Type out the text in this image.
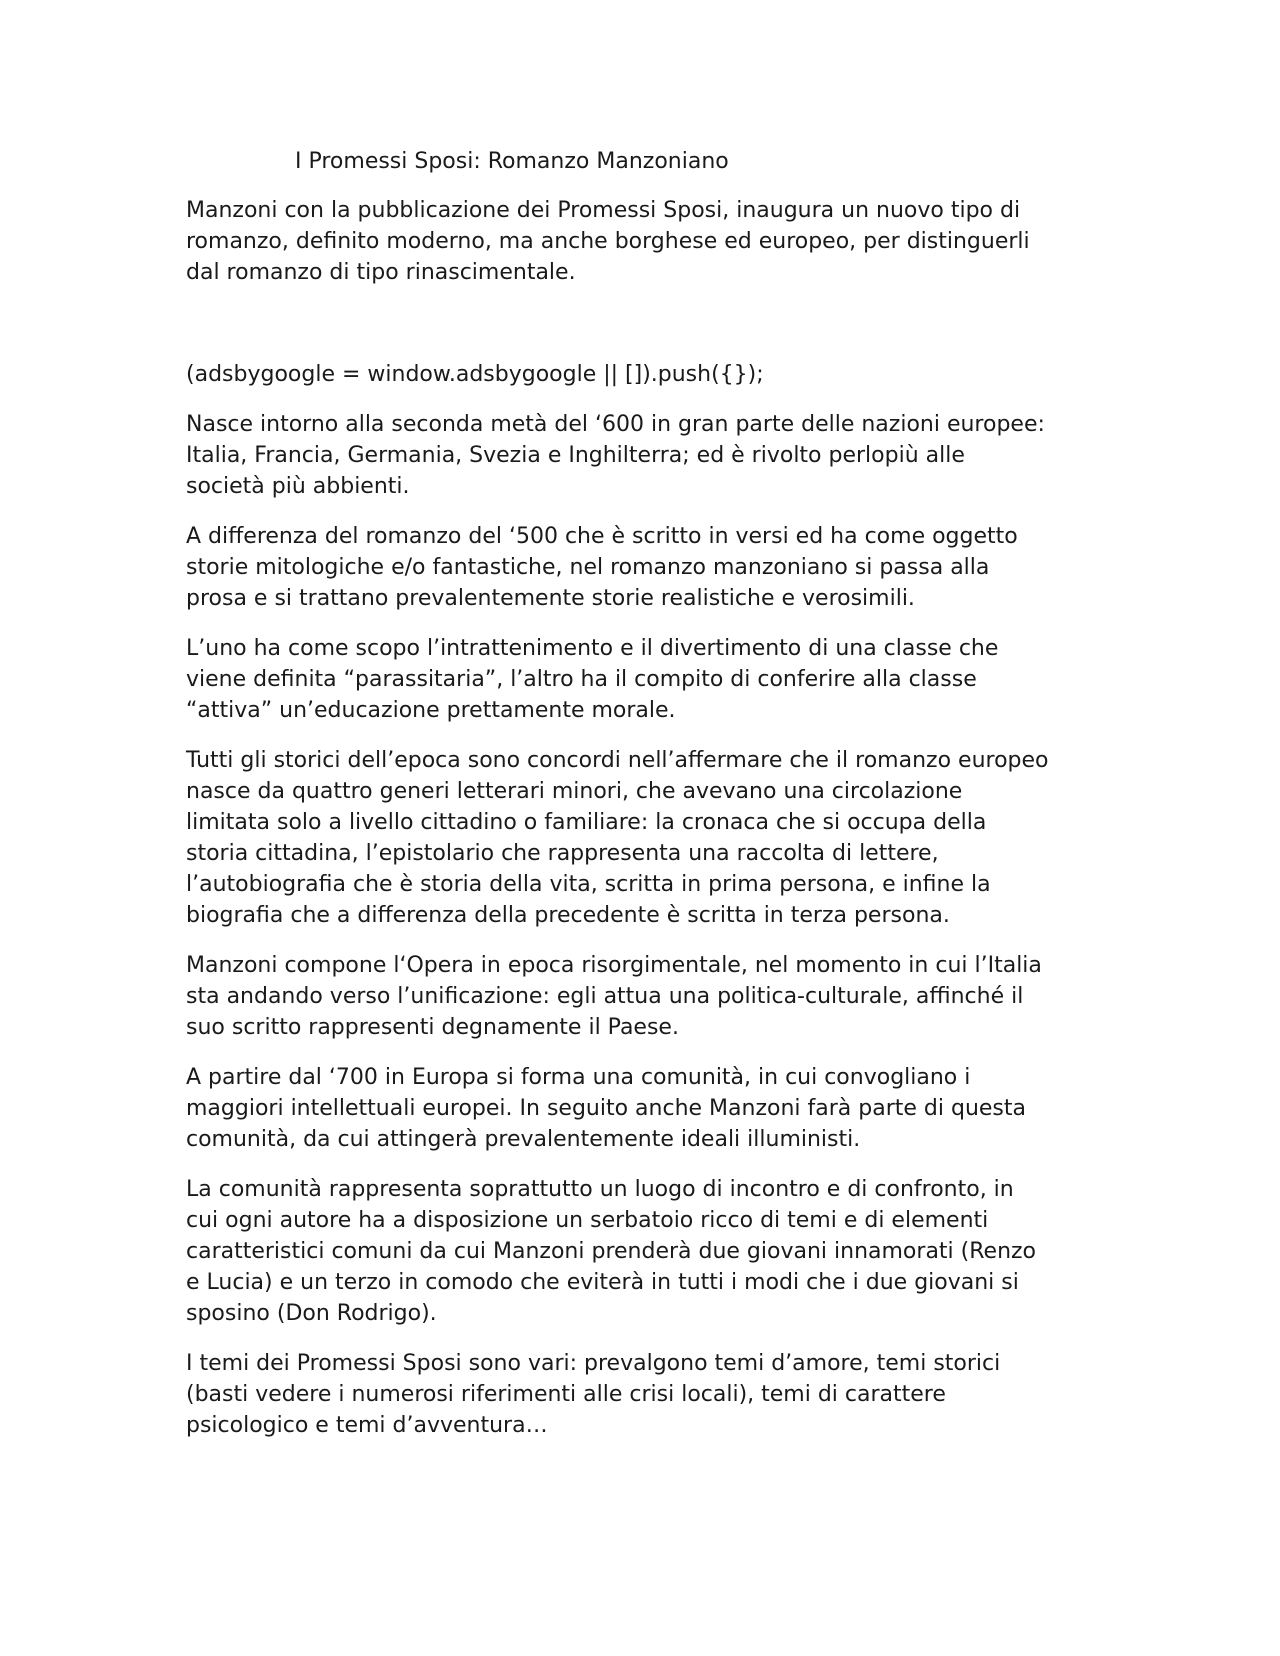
I Promessi Sposi: Romanzo Manzoniano

Manzoni con la pubblicazione dei Promessi Sposi, inaugura un nuovo tipo di
romanzo, definito moderno, ma anche borghese ed europeo, per distinguerli
dal romanzo di tipo rinascimentale.

(adsbygoogle = window.adsbygoogle || []).push({});

Nasce intorno alla seconda metà del ‘600 in gran parte delle nazioni europee:
Italia, Francia, Germania, Svezia e Inghilterra; ed è rivolto perlopiù alle
società più abbienti.

A differenza del romanzo del ‘500 che è scritto in versi ed ha come oggetto
storie mitologiche e/o fantastiche, nel romanzo manzoniano si passa alla
prosa e si trattano prevalentemente storie realistiche e verosimili.

L’uno ha come scopo l’intrattenimento e il divertimento di una classe che
viene definita “parassitaria”, l’altro ha il compito di conferire alla classe
“attiva” un’educazione prettamente morale.

Tutti gli storici dell’epoca sono concordi nell’affermare che il romanzo europeo
nasce da quattro generi letterari minori, che avevano una circolazione
limitata solo a livello cittadino o familiare: la cronaca che si occupa della
storia cittadina, l’epistolario che rappresenta una raccolta di lettere,
l’autobiografia che è storia della vita, scritta in prima persona, e infine la
biografia che a differenza della precedente è scritta in terza persona.

Manzoni compone l‘Opera in epoca risorgimentale, nel momento in cui l’Italia
sta andando verso l’unificazione: egli attua una politica-culturale, affinché il
suo scritto rappresenti degnamente il Paese.

A partire dal ‘700 in Europa si forma una comunità, in cui convogliano i
maggiori intellettuali europei. In seguito anche Manzoni farà parte di questa
comunità, da cui attingerà prevalentemente ideali illuministi.

La comunità rappresenta soprattutto un luogo di incontro e di confronto, in
cui ogni autore ha a disposizione un serbatoio ricco di temi e di elementi
caratteristici comuni da cui Manzoni prenderà due giovani innamorati (Renzo
e Lucia) e un terzo in comodo che eviterà in tutti i modi che i due giovani si
sposino (Don Rodrigo).

I temi dei Promessi Sposi sono vari: prevalgono temi d’amore, temi storici
(basti vedere i numerosi riferimenti alle crisi locali), temi di carattere
psicologico e temi d’avventura…
